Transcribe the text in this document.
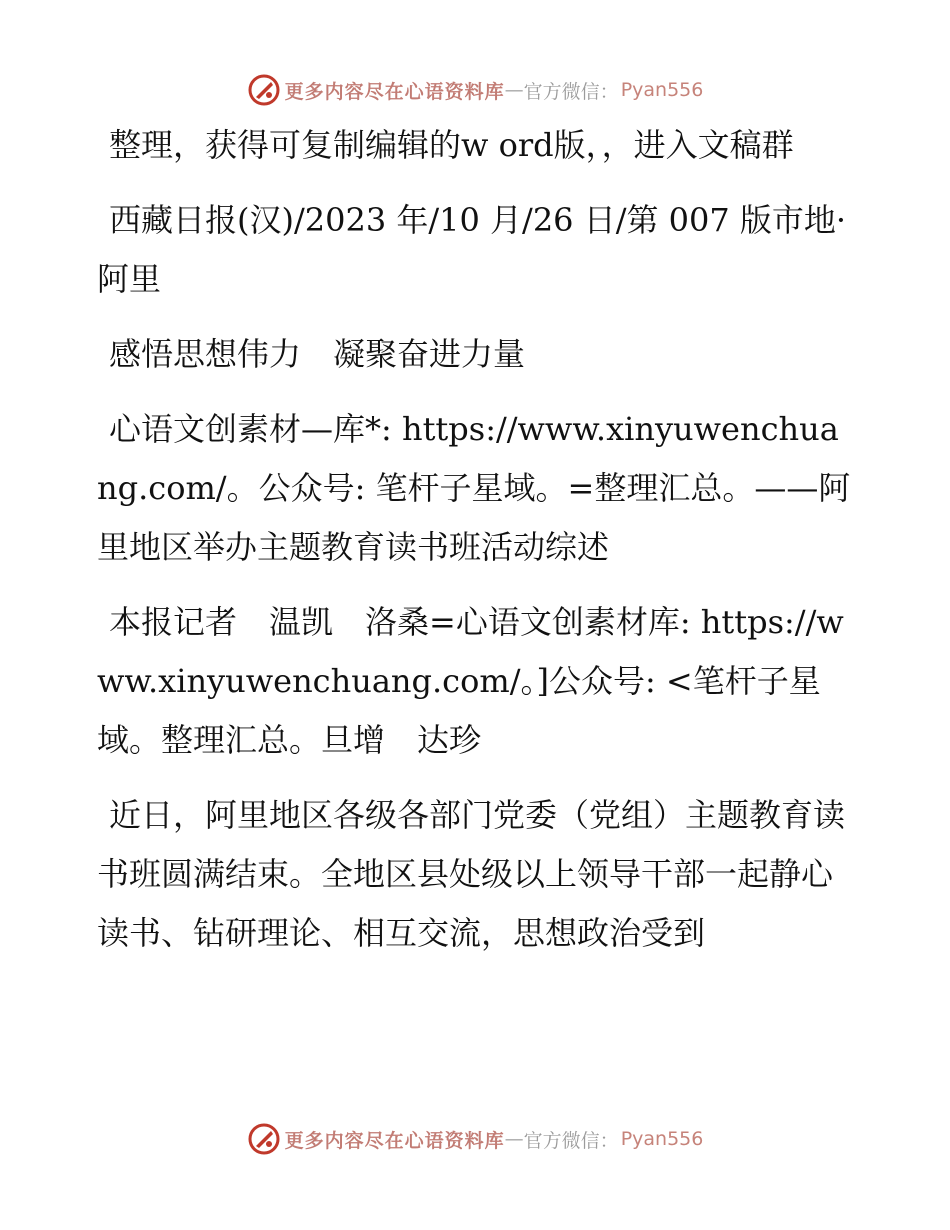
更多内容尽在心语资料库 — 官方微信： Pyan556

整理，获得可复制编辑的w ord版，，进入文稿群

西藏日报(汉)/2023 年/10 月/26 日/第 007 版市地· 阿里

感悟思想伟力　凝聚奋进力量

心语文创素材—库*: https://www.xinyuwenchuang.com/。公众号: 笔杆子星域。=整理汇总。——阿里地区举办主题教育读书班活动综述

本报记者　温凯　洛桑=心语文创素材库: https://www.xinyuwenchuang.com/。]公众号: <笔杆子星域。整理汇总。旦增　达珍

近日，阿里地区各级各部门党委（党组）主题教育读书班圆满结束。全地区县处级以上领导干部一起静心读书、钻研理论、相互交流，思想政治受到

更多内容尽在心语资料库 — 官方微信： Pyan556
